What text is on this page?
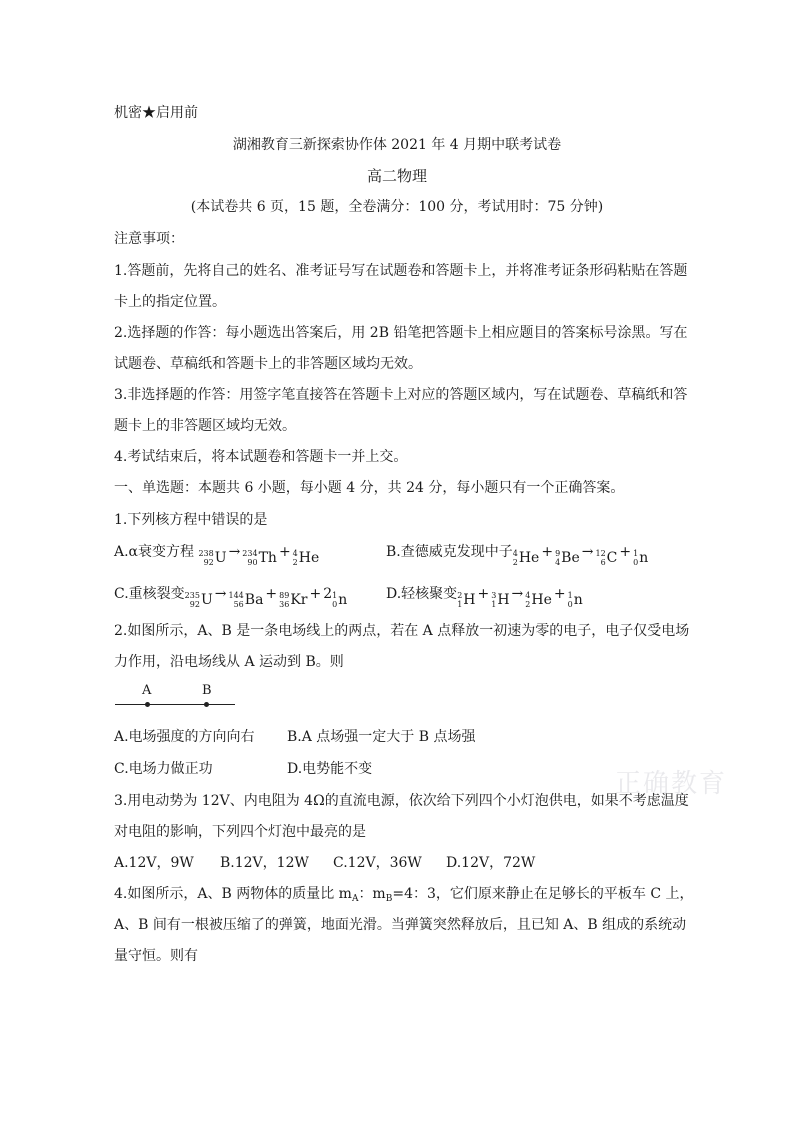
机密★启用前
湖湘教育三新探索协作体 2021 年 4 月期中联考试卷
高二物理
(本试卷共 6 页，15 题，全卷满分：100 分，考试用时：75 分钟)
注意事项：
1.答题前，先将自己的姓名、准考证号写在试题卷和答题卡上，并将准考证条形码粘贴在答题
卡上的指定位置。
2.选择题的作答：每小题选出答案后，用 2B 铅笔把答题卡上相应题目的答案标号涂黑。写在
试题卷、草稿纸和答题卡上的非答题区域均无效。
3.非选择题的作答：用签字笔直接答在答题卡上对应的答题区域内，写在试题卷、草稿纸和答
题卡上的非答题区域均无效。
4.考试结束后，将本试题卷和答题卡一并上交。
一、单选题：本题共 6 小题，每小题 4 分，共 24 分，每小题只有一个正确答案。
1.下列核方程中错误的是
A.α衰变方程 238
92 U → 234
90 Th + 4
2 He	B.查德威克发现中子 4
2 He + 9
4 Be → 12
6 C + 1
0 n
C.重核裂变 235
92 U → 144
56 Ba + 89
36 Kr + 2 1
0 n	D.轻核聚变 2
1 H + 3
1 H → 4
2 He + 1
0 n
2.如图所示，A、B 是一条电场线上的两点，若在 A 点释放一初速为零的电子，电子仅受电场
力作用，沿电场线从 A 运动到 B。则
A	B
A.电场强度的方向向右 B.A 点场强一定大于 B 点场强
C.电场力做正功	D.电势能不变	正确教育
3.用电动势为 12V、内电阻为 4Ω的直流电源，依次给下列四个小灯泡供电，如果不考虑温度
对电阻的影响，下列四个灯泡中最亮的是
A.12V，9W B.12V，12W C.12V，36W D.12V，72W
4.如图所示，A、B 两物体的质量比 $m_A$：$m_B=4$：3，它们原来静止在足够长的平板车 C 上，
A、B 间有一根被压缩了的弹簧，地面光滑。当弹簧突然释放后，且已知 A、B 组成的系统动
量守恒。则有
